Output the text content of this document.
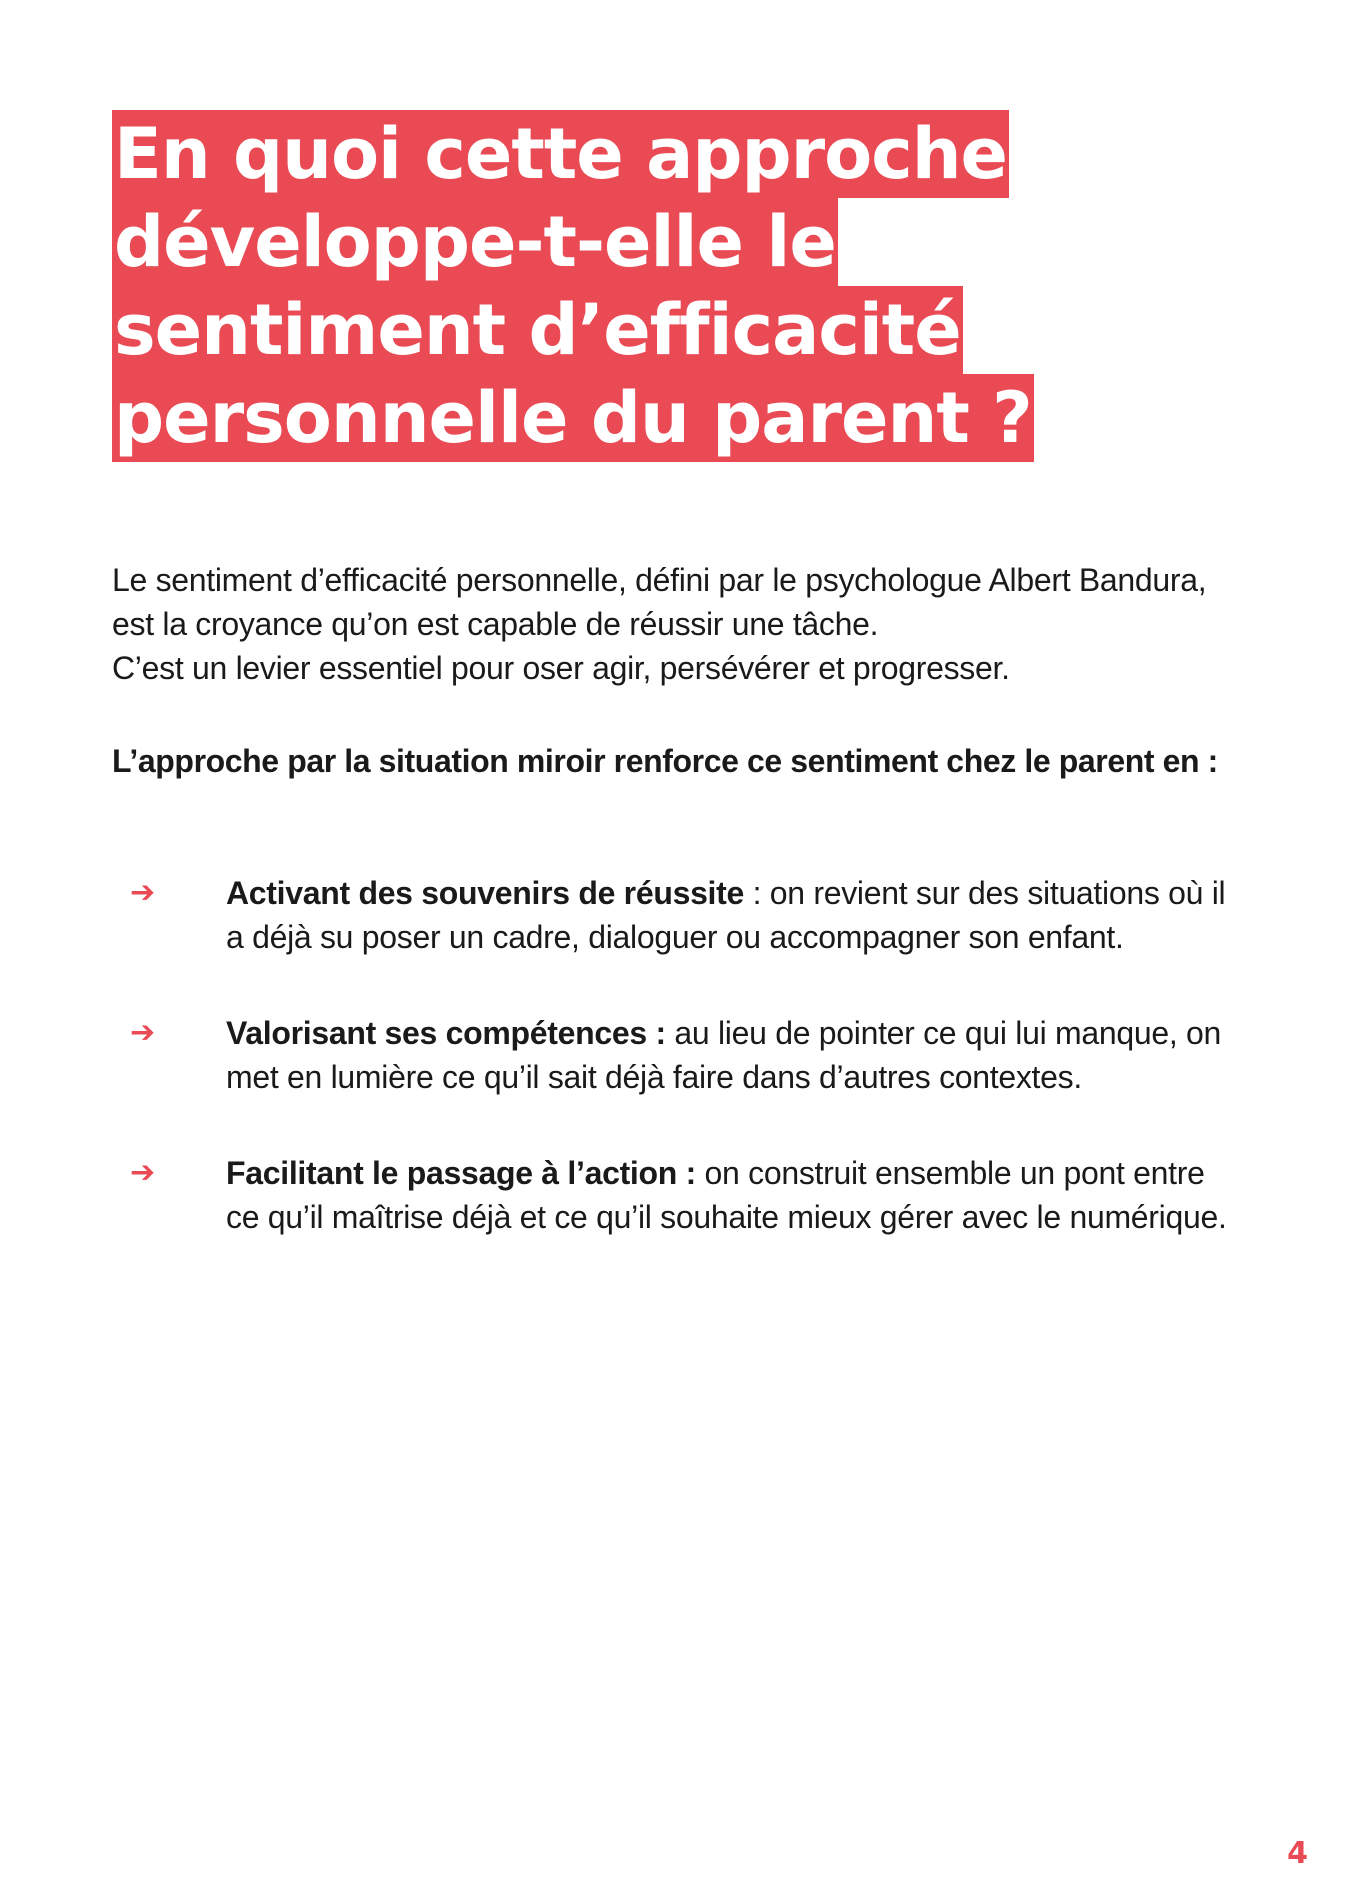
En quoi cette approche
développe-t-elle le
sentiment d’efficacité
personnelle du parent ?

Le sentiment d’efficacité personnelle, défini par le psychologue Albert Bandura, est la croyance qu’on est capable de réussir une tâche.

C’est un levier essentiel pour oser agir, persévérer et progresser.

L’approche par la situation miroir renforce ce sentiment chez le parent en :
➔ Activant des souvenirs de réussite : on revient sur des situations où il a déjà su poser un cadre, dialoguer ou accompagner son enfant.
➔ Valorisant ses compétences : au lieu de pointer ce qui lui manque, on met en lumière ce qu’il sait déjà faire dans d’autres contextes.
➔ Facilitant le passage à l’action : on construit ensemble un pont entre ce qu’il maîtrise déjà et ce qu’il souhaite mieux gérer avec le numérique.
4
